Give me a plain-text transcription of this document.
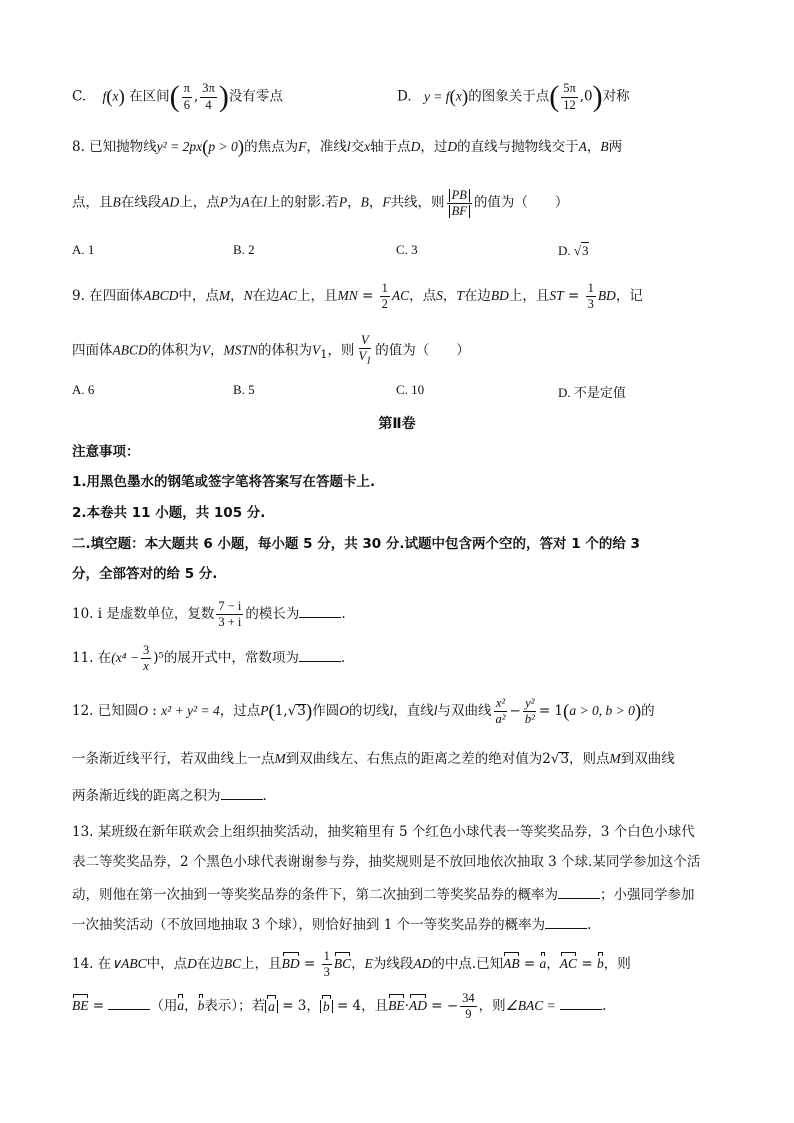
C. f(x) 在区间( $\frac{\pi}{6}$ , $\frac{3\pi}{4}$ )没有零点	D. y = f(x)的图象关于点( $\frac{5\pi}{12} ,0$)对称
8. 已知抛物线y² = 2px(p > 0)的焦点为F，准线l交x轴于点D，过D的直线与抛物线交于A，B两
点，且B在线段AD上，点P为A在l上的射影.若P，B，F共线，则 $\frac{PB}{BF}$ 的值为（　　）
A. 1	B. 2	C. 3	D. √3
9. 在四面体ABCD中，点M，N在边AC上，且MN = $\frac{1}{2}$ AC，点S，T在边BD上，且ST = $\frac{1}{3}$ BD，记
四面体ABCD的体积为V，MSTN的体积为$V_1$，则 $\frac{V}{V_1}$ 的值为（　　）
A. 6	B. 5	C. 10	D. 不是定值
第Ⅱ卷
注意事项：
1.用黑色墨水的钢笔或签字笔将答案写在答题卡上.
2.本卷共 11 小题，共 105 分.
二.填空题：本大题共 6 小题，每小题 5 分，共 30 分.试题中包含两个空的，答对 1 个的给 3
分，全部答对的给 5 分.
10. i 是虚数单位，复数 $\frac{7 - i}{3 + i}$ 的模长为	.
11. 在$(x^4 - \frac{3}{x} )^5$的展开式中，常数项为	.
12. 已知圆O : x² + y² = 4，过点P(1,√3)作圆O的切线l，直线l与双曲线 $\frac{\text{x²}}{\text{a²}} - \frac{\text{y²}}{\text{b²}} = 1(a > 0$, b > 0)的
一条渐近线平行，若双曲线上一点M到双曲线左、右焦点的距离之差的绝对值为2√3，则点M到双曲线
两条渐近线的距离之积为	.
13. 某班级在新年联欢会上组织抽奖活动，抽奖箱里有 5 个红色小球代表一等奖奖品券，3 个白色小球代
表二等奖奖品券，2 个黑色小球代表谢谢参与券，抽奖规则是不放回地依次抽取 3 个球.某同学参加这个活
动，则他在第一次抽到一等奖奖品券的条件下，第二次抽到二等奖奖品券的概率为	；小强同学参加
一次抽奖活动（不放回地抽取 3 个球），则恰好抽到 1 个一等奖奖品券的概率为	.
14. 在∨ABC中，点D在边BC上，且BD = $\frac{1}{3}$ BC，E为线段AD的中点.已知AB = a，AC = b，则
BE =	（用a，b表示）；若 a = 3， b = 4，且BE·AD = − $\frac{34}{9}$ ，则∠BAC =	.
